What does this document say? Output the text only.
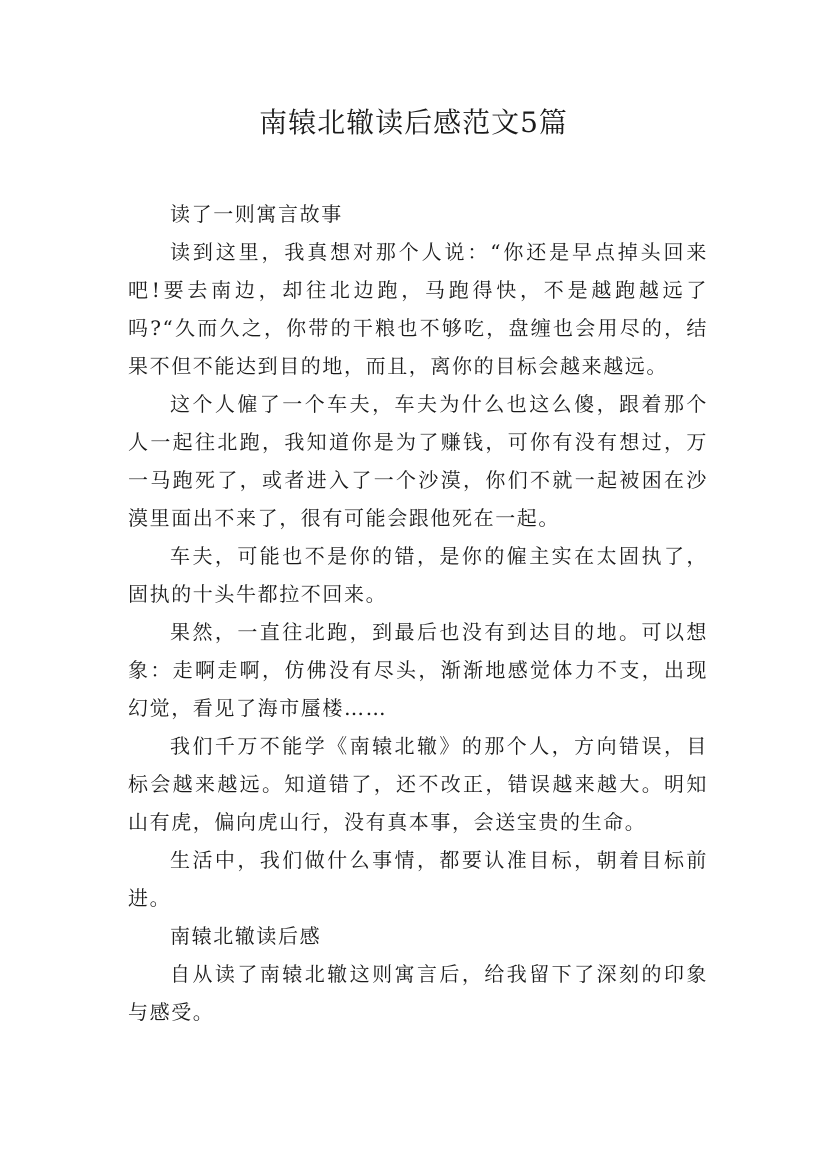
南辕北辙读后感范文5篇

读了一则寓言故事

读到这里，我真想对那个人说：“你还是早点掉头回来吧!要去南边，却往北边跑，马跑得快，不是越跑越远了吗?“久而久之，你带的干粮也不够吃，盘缠也会用尽的，结果不但不能达到目的地，而且，离你的目标会越来越远。

这个人僱了一个车夫，车夫为什么也这么傻，跟着那个人一起往北跑，我知道你是为了赚钱，可你有没有想过，万一马跑死了，或者进入了一个沙漠，你们不就一起被困在沙漠里面出不来了，很有可能会跟他死在一起。

车夫，可能也不是你的错，是你的僱主实在太固执了，固执的十头牛都拉不回来。

果然，一直往北跑，到最后也没有到达目的地。可以想象：走啊走啊，仿佛没有尽头，渐渐地感觉体力不支，出现幻觉，看见了海市蜃楼……

我们千万不能学《南辕北辙》的那个人，方向错误，目标会越来越远。知道错了，还不改正，错误越来越大。明知山有虎，偏向虎山行，没有真本事，会送宝贵的生命。

生活中，我们做什么事情，都要认准目标，朝着目标前进。

南辕北辙读后感

自从读了南辕北辙这则寓言后，给我留下了深刻的印象与感受。
